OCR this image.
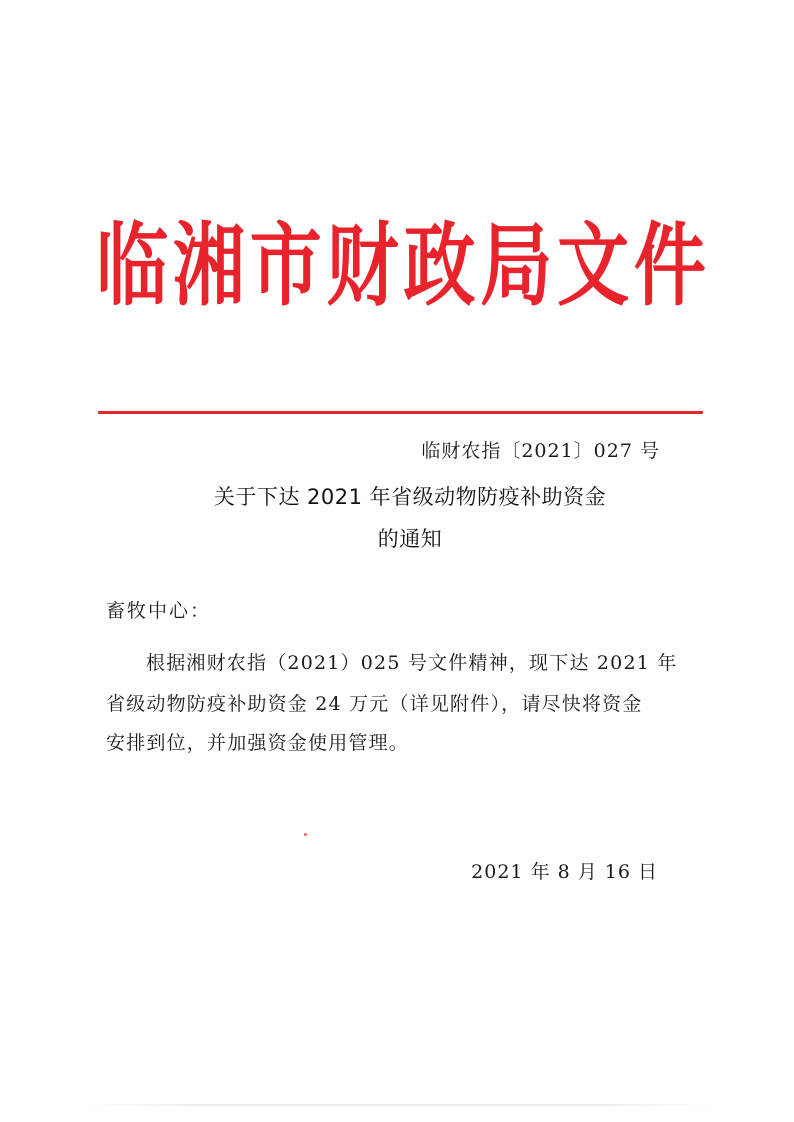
临 湘 市 财 政 局 文 件
临财农指〔2021〕027 号
关于下达 2021 年省级动物防疫补助资金
的通知
畜牧中心：
根据湘财农指（2021）025 号文件精神，现下达 2021 年
省级动物防疫补助资金 24 万元（详见附件），请尽快将资金
安排到位，并加强资金使用管理。
2021 年 8 月 16 日
